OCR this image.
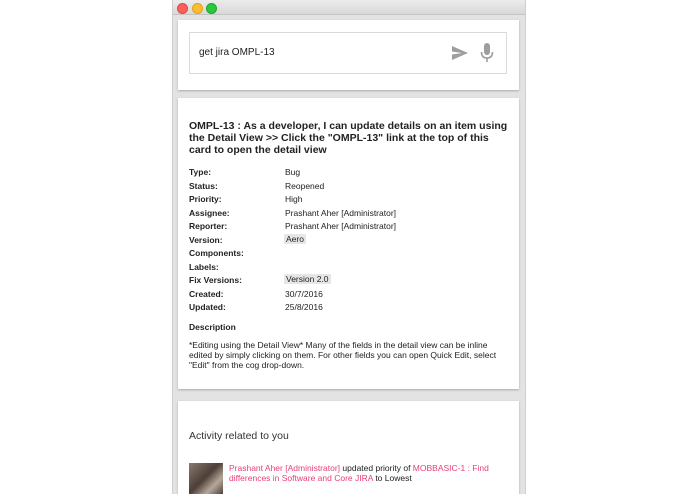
get jira OMPL-13
OMPL-13 : As a developer, I can update details on an item using the Detail View >> Click the "OMPL-13" link at the top of this card to open the detail view
Type:	Bug
Status:	Reopened
Priority:	High
Assignee:	Prashant Aher [Administrator]
Reporter:	Prashant Aher [Administrator]
Version:	Aero
Components:
Labels:
Fix Versions:	Version 2.0
Created:	30/7/2016
Updated:	25/8/2016
Description
*Editing using the Detail View* Many of the fields in the detail view can be inline edited by simply clicking on them. For other fields you can open Quick Edit, select "Edit" from the cog drop-down.
Activity related to you
Prashant Aher [Administrator] updated priority of MOBBASIC-1 : Find differences in Software and Core JIRA to Lowest
